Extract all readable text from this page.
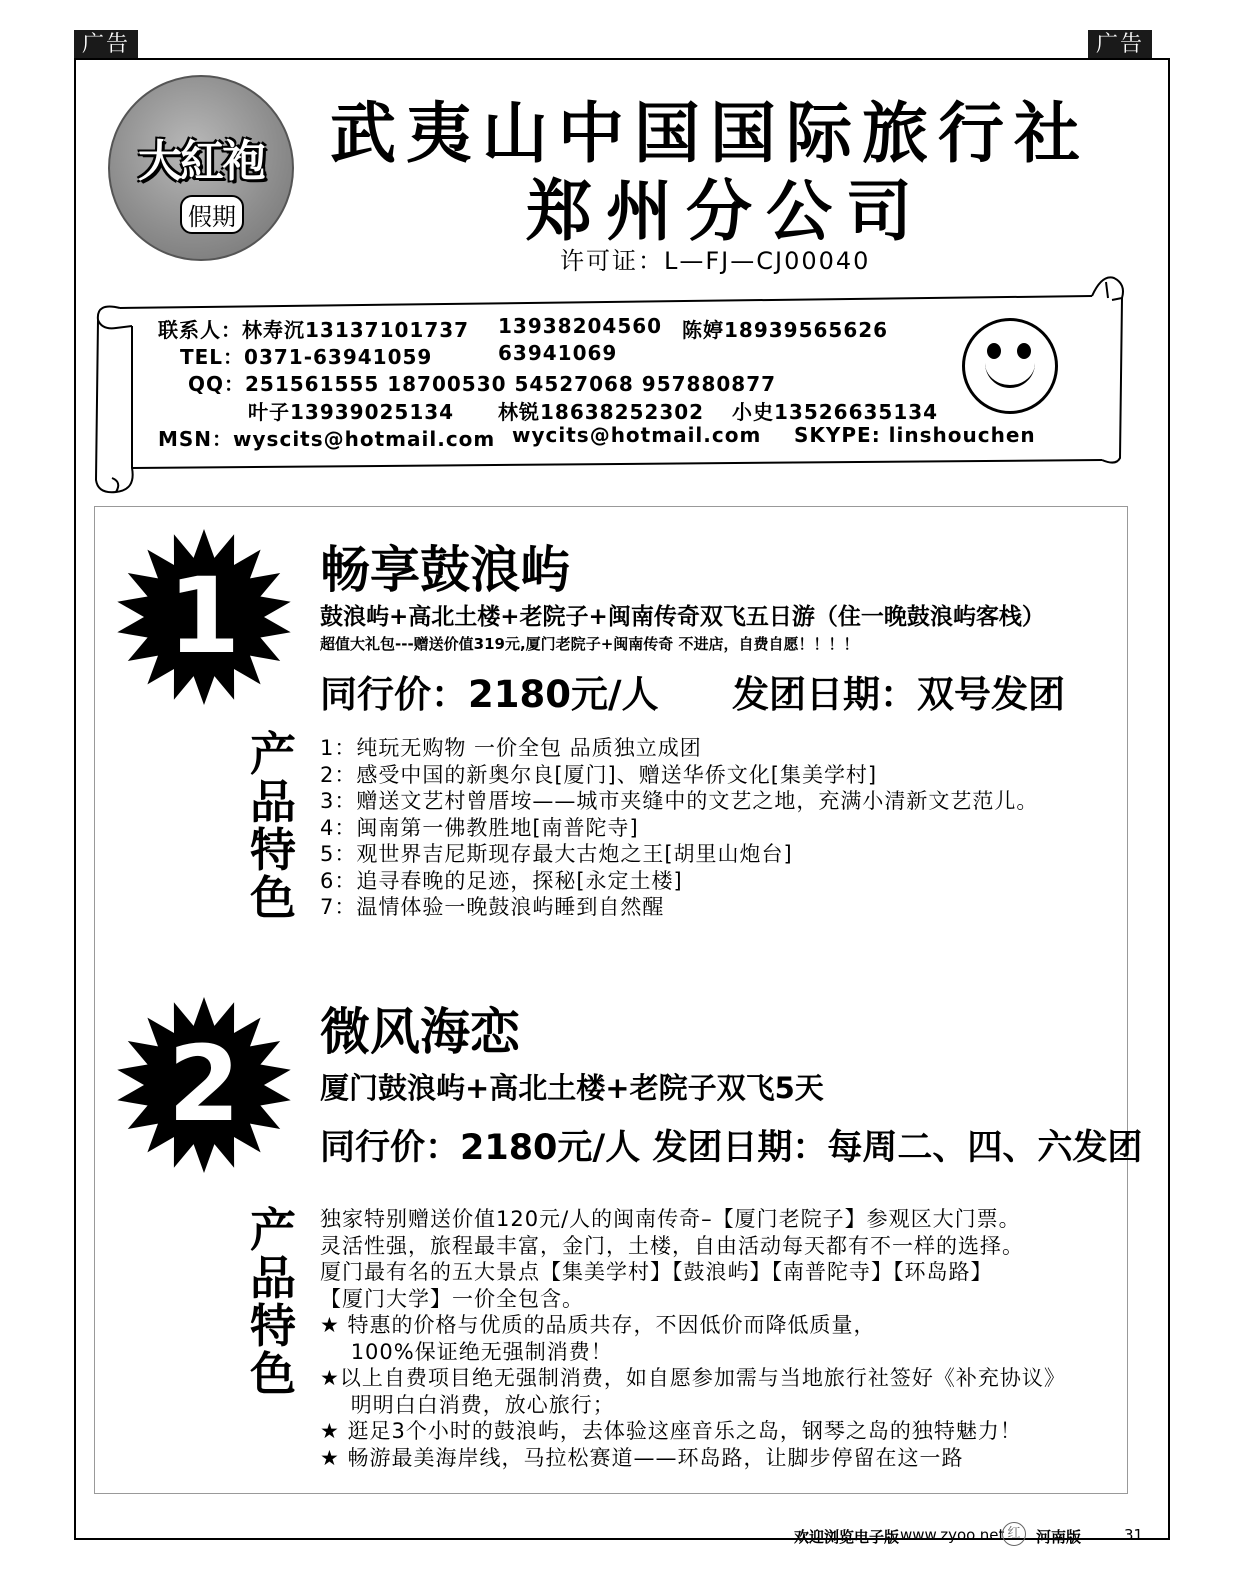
广告	广告
大紅袍
假期
武夷山中国国际旅行社
郑州分公司
许可证：L—FJ—CJ00040
联系人：林寿沉13137101737 13938204560 陈婷18939565626
TEL：0371-63941059	63941069
QQ：251561555 18700530 54527068 957880877
叶子13939025134 林锐18638252302 小史13526635134
MSN：wyscits@hotmail.com wycits@hotmail.com SKYPE: linshouchen
1 畅享鼓浪屿
鼓浪屿+高北土楼+老院子+闽南传奇双飞五日游（住一晚鼓浪屿客栈）
超值大礼包---赠送价值319元,厦门老院子+闽南传奇 不进店，自费自愿！！！！
同行价：2180元/人 发团日期：双号发团
产品特色
1：纯玩无购物 一价全包 品质独立成团
2：感受中国的新奥尔良[厦门]、赠送华侨文化[集美学村]
3：赠送文艺村曾厝垵——城市夹缝中的文艺之地，充满小清新文艺范儿。
4：闽南第一佛教胜地[南普陀寺]
5：观世界吉尼斯现存最大古炮之王[胡里山炮台]
6：追寻春晚的足迹，探秘[永定土楼]
7：温情体验一晚鼓浪屿睡到自然醒
2 微风海恋
厦门鼓浪屿+高北土楼+老院子双飞5天
同行价：2180元/人 发团日期：每周二、四、六发团
产品特色
独家特别赠送价值120元/人的闽南传奇–【厦门老院子】参观区大门票。
灵活性强，旅程最丰富，金门，土楼，自由活动每天都有不一样的选择。
厦门最有名的五大景点【集美学村】【鼓浪屿】【南普陀寺】【环岛路】
【厦门大学】一价全包含。
★ 特惠的价格与优质的品质共存，不因低价而降低质量，
100%保证绝无强制消费！
★以上自费项目绝无强制消费，如自愿参加需与当地旅行社签好《补充协议》
明明白白消费，放心旅行；
★ 逛足3个小时的鼓浪屿，去体验这座音乐之岛，钢琴之岛的独特魅力！
★ 畅游最美海岸线，马拉松赛道——环岛路，让脚步停留在这一路
欢迎浏览电子版 www.zyoo.net 红	河南版	31
